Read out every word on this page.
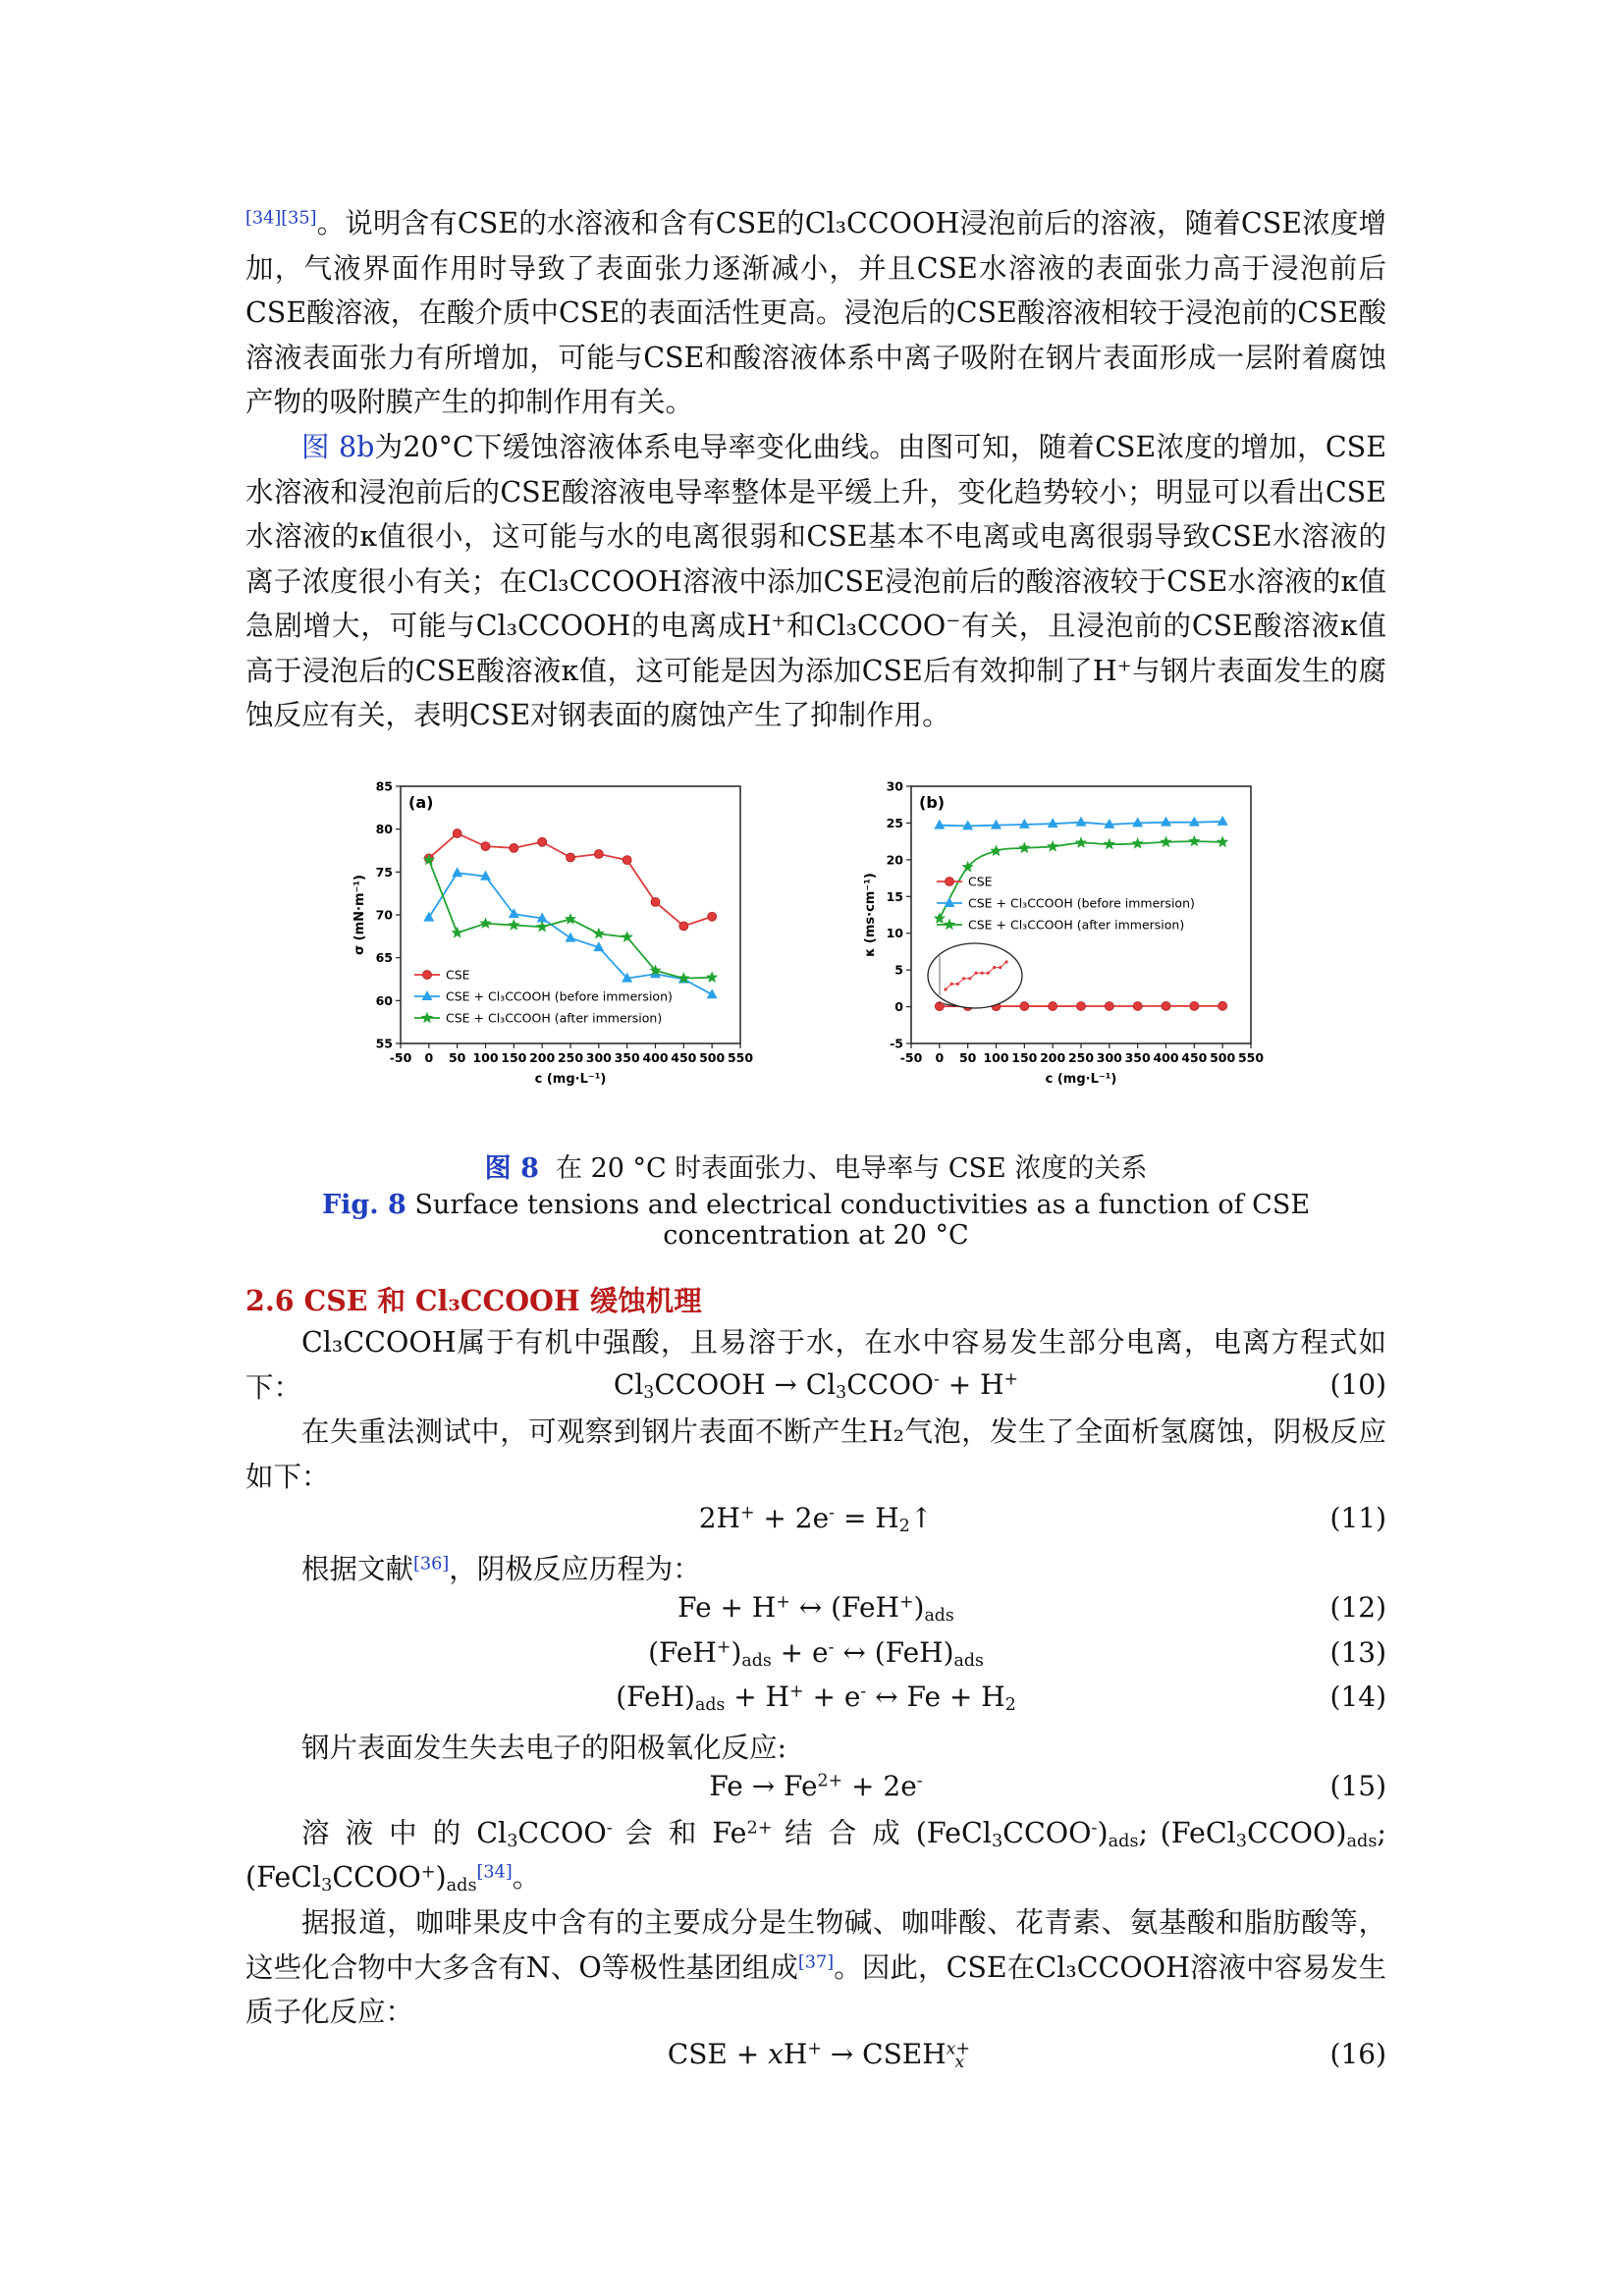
[34][35]。说明含有CSE的水溶液和含有CSE的Cl₃CCOOH浸泡前后的溶液，随着CSE浓度增加，气液界面作用时导致了表面张力逐渐减小，并且CSE水溶液的表面张力高于浸泡前后CSE酸溶液，在酸介质中CSE的表面活性更高。浸泡后的CSE酸溶液相较于浸泡前的CSE酸溶液表面张力有所增加，可能与CSE和酸溶液体系中离子吸附在钢片表面形成一层附着腐蚀产物的吸附膜产生的抑制作用有关。

图 8b为20°C下缓蚀溶液体系电导率变化曲线。由图可知，随着CSE浓度的增加，CSE水溶液和浸泡前后的CSE酸溶液电导率整体是平缓上升，变化趋势较小；明显可以看出CSE水溶液的κ值很小，这可能与水的电离很弱和CSE基本不电离或电离很弱导致CSE水溶液的离子浓度很小有关；在Cl₃CCOOH溶液中添加CSE浸泡前后的酸溶液较于CSE水溶液的κ值急剧增大，可能与Cl₃CCOOH的电离成H⁺和Cl₃CCOO⁻有关，且浸泡前的CSE酸溶液κ值高于浸泡后的CSE酸溶液κ值，这可能是因为添加CSE后有效抑制了H⁺与钢片表面发生的腐蚀反应有关，表明CSE对钢表面的腐蚀产生了抑制作用。

-50 0 50 100 150 200 250 300 350 400 450 500 550
55
60
65
70
75
80
85
c (mg·L⁻¹)
σ (mN·m⁻¹)
(a)
CSE
CSE + Cl₃CCOOH (before immersion)
CSE + Cl₃CCOOH (after immersion)
-50 0 50 100 150 200 250 300 350 400 450 500 550
-5
0
5
10
15
20
25
30
c (mg·L⁻¹)
κ (ms·cm⁻¹)
(b)
CSE
CSE + Cl₃CCOOH (before immersion)
CSE + Cl₃CCOOH (after immersion)

图 8 在 20 °C 时表面张力、电导率与 CSE 浓度的关系

Fig. 8 Surface tensions and electrical conductivities as a function of CSE concentration at 20 °C

2.6 CSE 和 Cl₃CCOOH 缓蚀机理

Cl₃CCOOH属于有机中强酸，且易溶于水，在水中容易发生部分电离，电离方程式如下：	$Cl_3CCOOH$ → $Cl_3CCOO^- + H^+$	(10)

在失重法测试中，可观察到钢片表面不断产生H₂气泡，发生了全面析氢腐蚀，阴极反应如下：

$2H^+ + 2e^- = H_2↑$	(11)

根据文献[36]，阴极反应历程为：

Fe + H+ ↔ $(FeH^+)_{ads}$	(12)
$(FeH^+)_{ads} + e^-$ ↔ $(FeH)_{ads}$	(13)
$(FeH)_{ads} + H^+ + e^-$ ↔ $Fe + H_2$	(14)

钢片表面发生失去电子的阳极氧化反应:

$Fe \to Fe^{2+} + 2e^-$	(15)

溶 液 中 的 $Cl_3CCOO^-$ 会 和 $Fe^{2+}$ 结 合 成 $(FeCl_3CCOO^-)_{ads}$; $(FeCl_3CCOO)_{ads}$;

$(FeCl_3CCOO^+)_{ads}[34]$。

据报道，咖啡果皮中含有的主要成分是生物碱、咖啡酸、花青素、氨基酸和脂肪酸等，这些化合物中大多含有N、O等极性基团组成[37]。因此，CSE在Cl₃CCOOH溶液中容易发生质子化反应：

CSE + $xH^+ \to CSEH^{x+}_x$	(16)
